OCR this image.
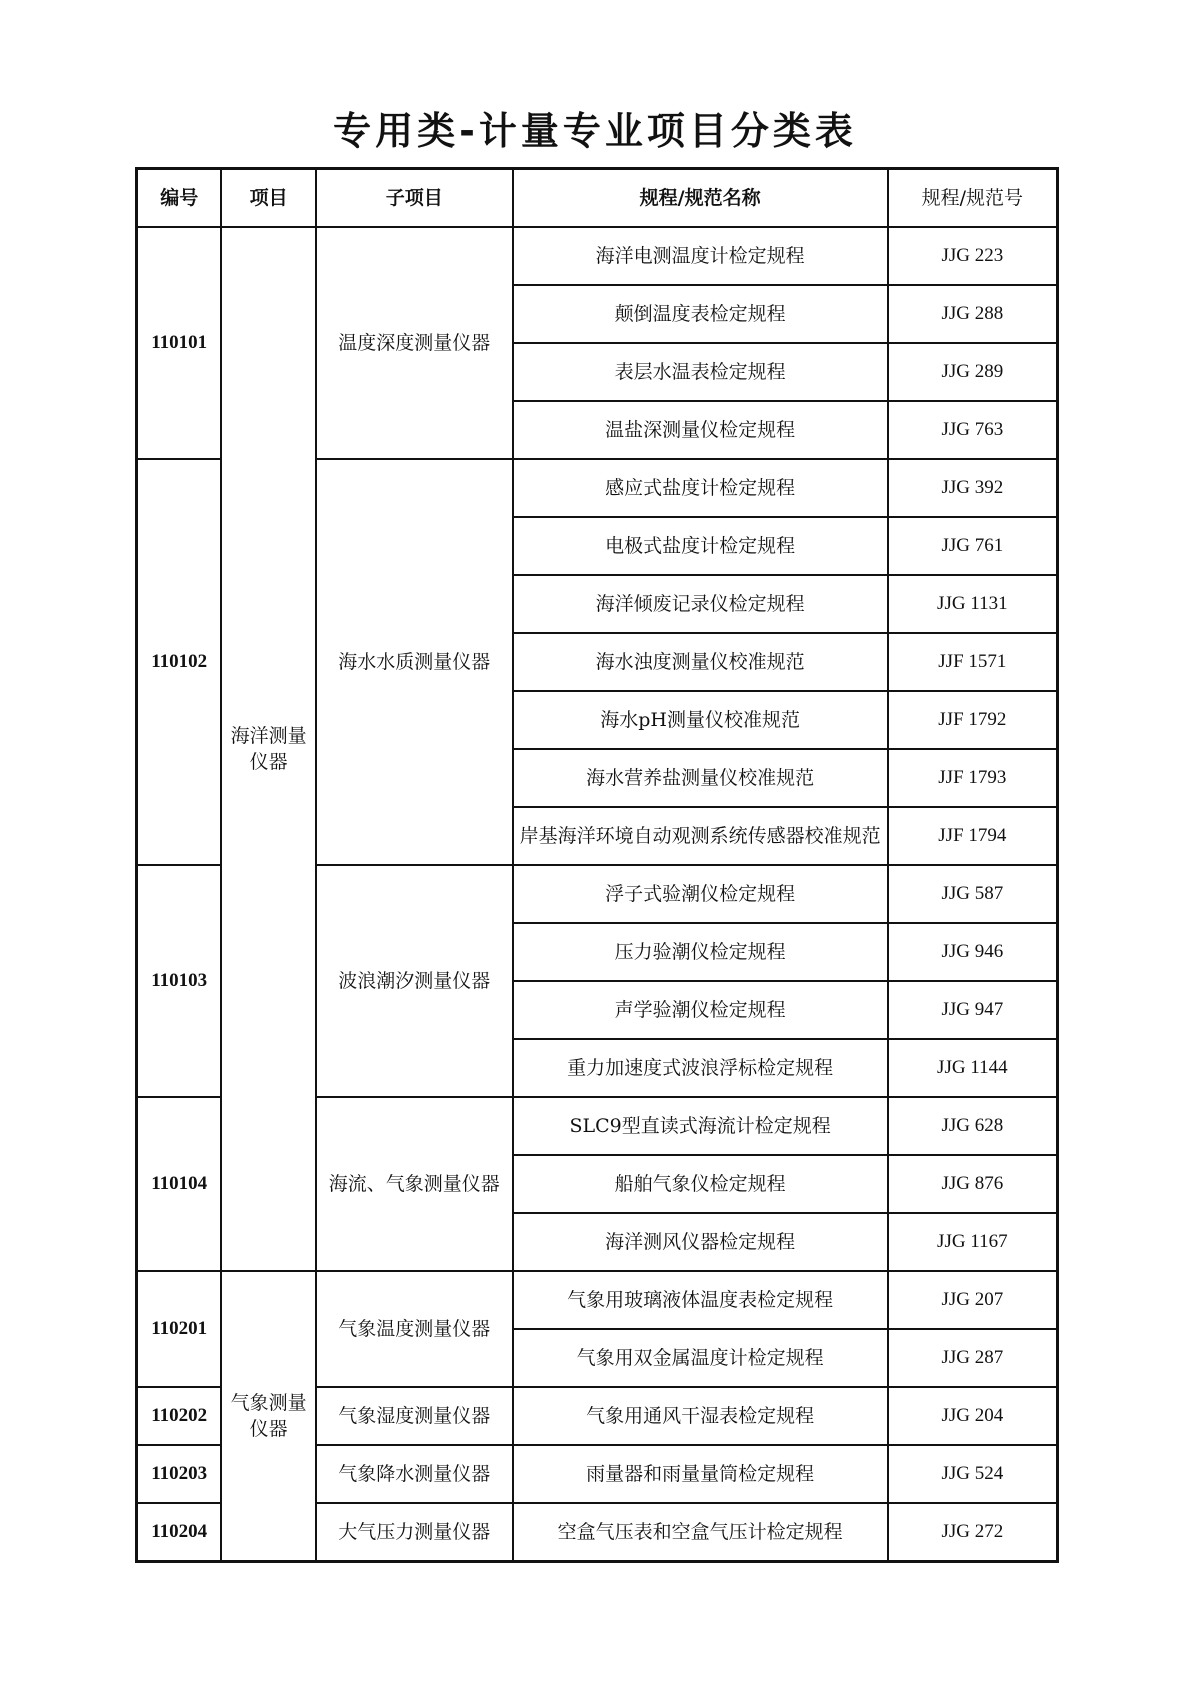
专用类-计量专业项目分类表
编号	项目	子项目	规程/规范名称	规程/规范号
110101	海洋测量仪器	温度深度测量仪器	海洋电测温度计检定规程	JJG 223
			颠倒温度表检定规程	JJG 288
			表层水温表检定规程	JJG 289
			温盐深测量仪检定规程	JJG 763
110102		海水水质测量仪器	感应式盐度计检定规程	JJG 392
			电极式盐度计检定规程	JJG 761
			海洋倾废记录仪检定规程	JJG 1131
			海水浊度测量仪校准规范	JJF 1571
			海水pH测量仪校准规范	JJF 1792
			海水营养盐测量仪校准规范	JJF 1793
			岸基海洋环境自动观测系统传感器校准规范	JJF 1794
110103		波浪潮汐测量仪器	浮子式验潮仪检定规程	JJG 587
			压力验潮仪检定规程	JJG 946
			声学验潮仪检定规程	JJG 947
			重力加速度式波浪浮标检定规程	JJG 1144
110104		海流、气象测量仪器	SLC9型直读式海流计检定规程	JJG 628
			船舶气象仪检定规程	JJG 876
			海洋测风仪器检定规程	JJG 1167
110201	气象测量仪器	气象温度测量仪器	气象用玻璃液体温度表检定规程	JJG 207
			气象用双金属温度计检定规程	JJG 287
110202		气象湿度测量仪器	气象用通风干湿表检定规程	JJG 204
110203		气象降水测量仪器	雨量器和雨量量筒检定规程	JJG 524
110204		大气压力测量仪器	空盒气压表和空盒气压计检定规程	JJG 272
